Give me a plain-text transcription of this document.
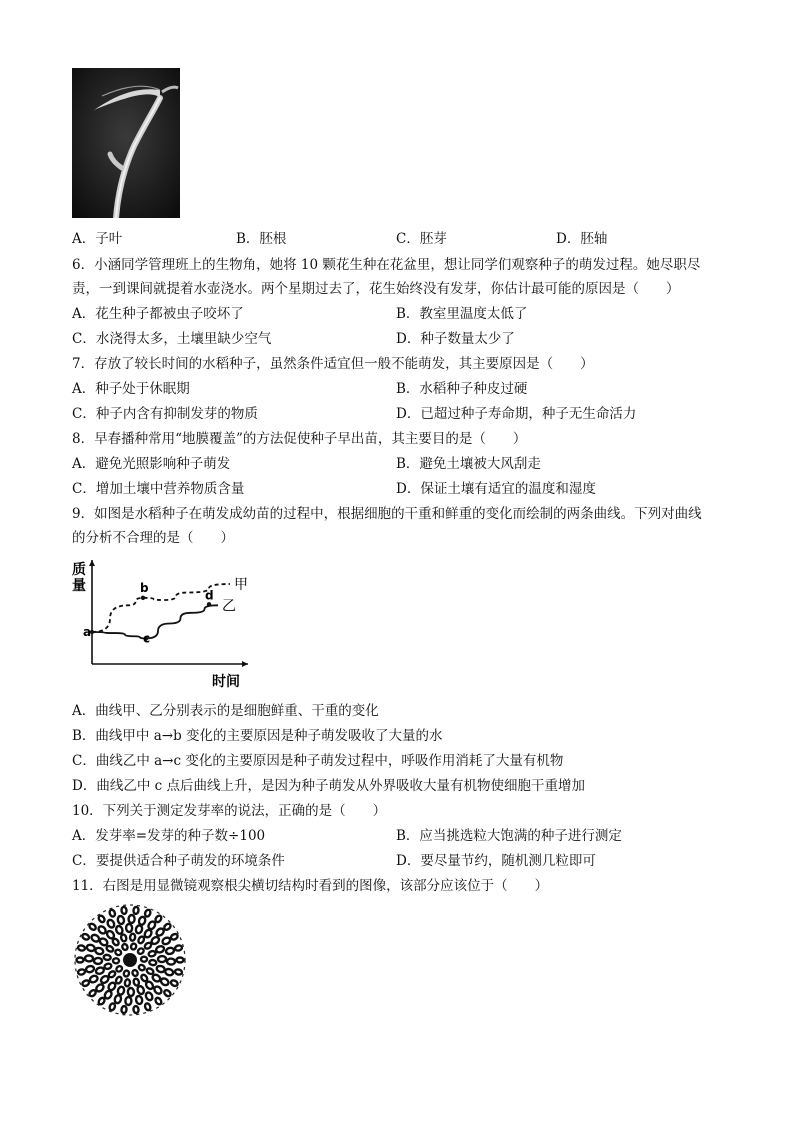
A．子叶	B．胚根	C．胚芽	D．胚轴
6．小涵同学管理班上的生物角，她将 10 颗花生种在花盆里，想让同学们观察种子的萌发过程。她尽职尽
责，一到课间就提着水壶浇水。两个星期过去了，花生始终没有发芽，你估计最可能的原因是（　　）
A．花生种子都被虫子咬坏了	B．教室里温度太低了
C．水浇得太多，土壤里缺少空气	D．种子数量太少了
7．存放了较长时间的水稻种子，虽然条件适宜但一般不能萌发，其主要原因是（　　）
A．种子处于休眠期	B．水稻种子种皮过硬
C．种子内含有抑制发芽的物质	D．已超过种子寿命期，种子无生命活力
8．早春播种常用“地膜覆盖”的方法促使种子早出苗，其主要目的是（　　）
A．避免光照影响种子萌发	B．避免土壤被大风刮走
C．增加土壤中营养物质含量	D．保证土壤有适宜的温度和湿度
9．如图是水稻种子在萌发成幼苗的过程中，根据细胞的干重和鲜重的变化而绘制的两条曲线。下列对曲线
的分析不合理的是（　　）
质
量
时间
甲
乙
a
b
c
d
A．曲线甲、乙分别表示的是细胞鲜重、干重的变化
B．曲线甲中 a→b 变化的主要原因是种子萌发吸收了大量的水
C．曲线乙中 a→c 变化的主要原因是种子萌发过程中，呼吸作用消耗了大量有机物
D．曲线乙中 c 点后曲线上升，是因为种子萌发从外界吸收大量有机物使细胞干重增加
10．下列关于测定发芽率的说法，正确的是（　　）
A．发芽率=发芽的种子数÷100	B．应当挑选粒大饱满的种子进行测定
C．要提供适合种子萌发的环境条件	D．要尽量节约，随机测几粒即可
11．右图是用显微镜观察根尖横切结构时看到的图像，该部分应该位于（　　）
